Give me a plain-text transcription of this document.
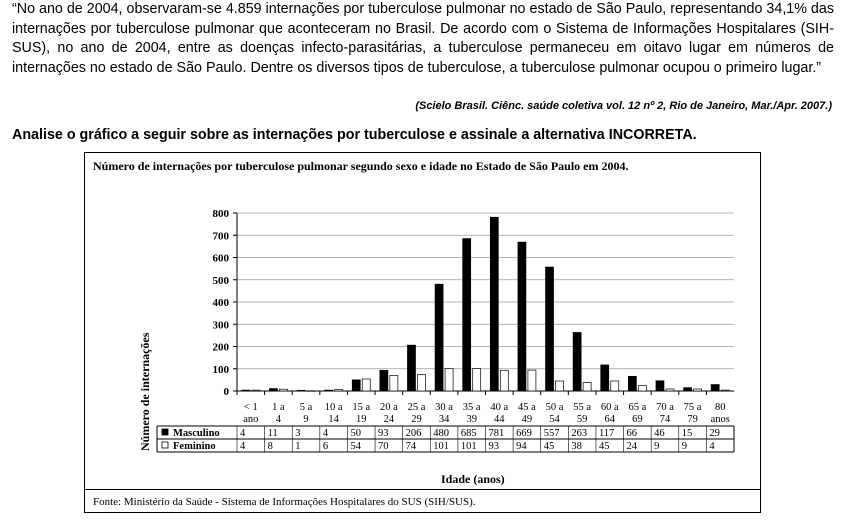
“No ano de 2004, observaram-se 4.859 internações por tuberculose pulmonar no estado de São Paulo, representando 34,1% das internações por tuberculose pulmonar que aconteceram no Brasil. De acordo com o Sistema de Informações Hospitalares (SIH-SUS), no ano de 2004, entre as doenças infecto-parasitárias, a tuberculose permaneceu em oitavo lugar em números de internações no estado de São Paulo. Dentre os diversos tipos de tuberculose, a tuberculose pulmonar ocupou o primeiro lugar.”
(Scielo Brasil. Ciênc. saúde coletiva vol. 12 nº 2, Rio de Janeiro, Mar./Apr. 2007.)
Analise o gráfico a seguir sobre as internações por tuberculose e assinale a alternativa INCORRETA.
Número de internações por tuberculose pulmonar segundo sexo e idade no Estado de São Paulo em 2004.
Número de internações	0
100
200
300
400
500
600
700
800
< 1
ano
1 a
4
5 a
9
10 a
14
15 a
19
20 a
24
25 a
29
30 a
34
35 a
39
40 a
44
45 a
49
50 a
54
55 a
59
60 a
64
65 a
69
70 a
74
75 a
79
80
anos
Masculino 4 11 3 4 50 93 206 480 685 781 669 557 263 117 66 46 15 29
Feminino 4 8 1 6 54 70 74 101 101 93 94 45 38 45 24 9 9 4
Idade (anos)
Fonte: Ministério da Saúde - Sistema de Informações Hospitalares do SUS (SIH/SUS).
